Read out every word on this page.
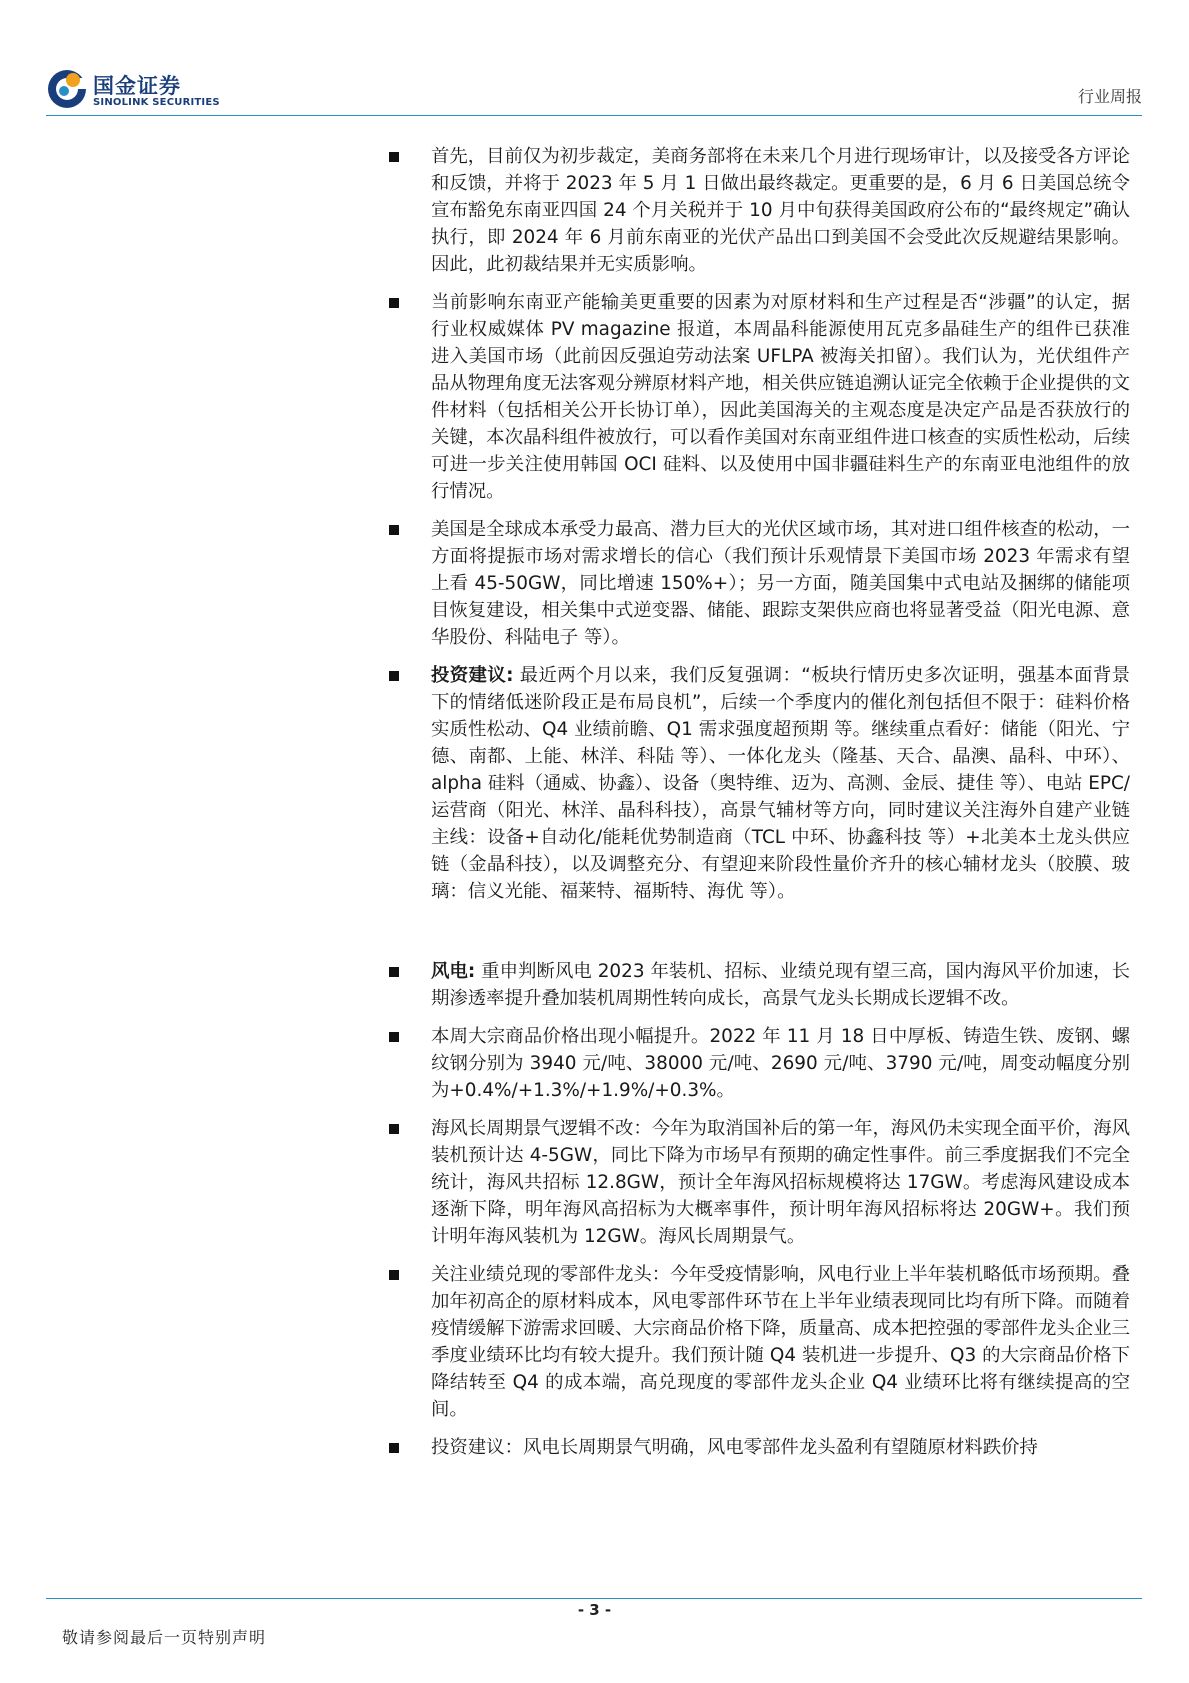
国金证券
SINOLINK SECURITIES	行业周报
首先，目前仅为初步裁定，美商务部将在未来几个月进行现场审计，以及接受各方评论和反馈，并将于 2023 年 5 月 1 日做出最终裁定。更重要的是，6 月 6 日美国总统令宣布豁免东南亚四国 24 个月关税并于 10 月中旬获得美国政府公布的“最终规定”确认执行，即 2024 年 6 月前东南亚的光伏产品出口到美国不会受此次反规避结果影响。因此，此初裁结果并无实质影响。
当前影响东南亚产能输美更重要的因素为对原材料和生产过程是否“涉疆”的认定，据行业权威媒体 PV magazine 报道，本周晶科能源使用瓦克多晶硅生产的组件已获准进入美国市场（此前因反强迫劳动法案 UFLPA 被海关扣留）。我们认为，光伏组件产品从物理角度无法客观分辨原材料产地，相关供应链追溯认证完全依赖于企业提供的文件材料（包括相关公开长协订单），因此美国海关的主观态度是决定产品是否获放行的关键，本次晶科组件被放行，可以看作美国对东南亚组件进口核查的实质性松动，后续可进一步关注使用韩国 OCI 硅料、以及使用中国非疆硅料生产的东南亚电池组件的放行情况。
美国是全球成本承受力最高、潜力巨大的光伏区域市场，其对进口组件核查的松动，一方面将提振市场对需求增长的信心（我们预计乐观情景下美国市场 2023 年需求有望上看 45-50GW，同比增速 150%+）；另一方面，随美国集中式电站及捆绑的储能项目恢复建设，相关集中式逆变器、储能、跟踪支架供应商也将显著受益（阳光电源、意华股份、科陆电子 等）。
投资建议: 最近两个月以来，我们反复强调：“板块行情历史多次证明，强基本面背景下的情绪低迷阶段正是布局良机”，后续一个季度内的催化剂包括但不限于：硅料价格实质性松动、Q4 业绩前瞻、Q1 需求强度超预期 等。继续重点看好：储能（阳光、宁德、南都、上能、林洋、科陆 等）、一体化龙头（隆基、天合、晶澳、晶科、中环）、alpha 硅料（通威、协鑫）、设备（奥特维、迈为、高测、金辰、捷佳 等）、电站 EPC/运营商（阳光、林洋、晶科科技），高景气辅材等方向，同时建议关注海外自建产业链主线：设备+自动化/能耗优势制造商（TCL 中环、协鑫科技 等）+北美本土龙头供应链（金晶科技），以及调整充分、有望迎来阶段性量价齐升的核心辅材龙头（胶膜、玻璃：信义光能、福莱特、福斯特、海优 等）。
风电: 重申判断风电 2023 年装机、招标、业绩兑现有望三高，国内海风平价加速，长期渗透率提升叠加装机周期性转向成长，高景气龙头长期成长逻辑不改。
本周大宗商品价格出现小幅提升。2022 年 11 月 18 日中厚板、铸造生铁、废钢、螺纹钢分别为 3940 元/吨、38000 元/吨、2690 元/吨、3790 元/吨，周变动幅度分别为+0.4%/+1.3%/+1.9%/+0.3%。
海风长周期景气逻辑不改：今年为取消国补后的第一年，海风仍未实现全面平价，海风装机预计达 4-5GW，同比下降为市场早有预期的确定性事件。前三季度据我们不完全统计，海风共招标 12.8GW，预计全年海风招标规模将达 17GW。考虑海风建设成本逐渐下降，明年海风高招标为大概率事件，预计明年海风招标将达 20GW+。我们预计明年海风装机为 12GW。海风长周期景气。
关注业绩兑现的零部件龙头：今年受疫情影响，风电行业上半年装机略低市场预期。叠加年初高企的原材料成本，风电零部件环节在上半年业绩表现同比均有所下降。而随着疫情缓解下游需求回暖、大宗商品价格下降，质量高、成本把控强的零部件龙头企业三季度业绩环比均有较大提升。我们预计随 Q4 装机进一步提升、Q3 的大宗商品价格下降结转至 Q4 的成本端，高兑现度的零部件龙头企业 Q4 业绩环比将有继续提高的空间。
投资建议：风电长周期景气明确，风电零部件龙头盈利有望随原材料跌价持
- 3 -
敬请参阅最后一页特别声明
